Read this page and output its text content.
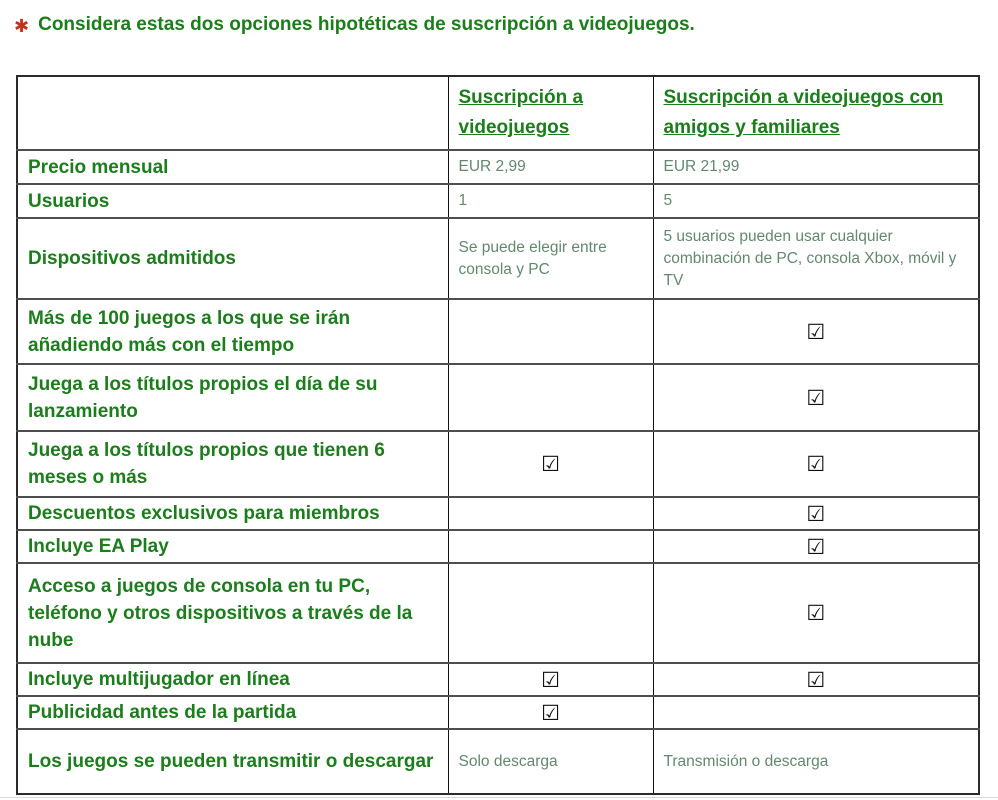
✱ Considera estas dos opciones hipotéticas de suscripción a videojuegos.
	Suscripción a videojuegos	Suscripción a videojuegos con amigos y familiares
Precio mensual	EUR 2,99	EUR 21,99
Usuarios	1	5
Dispositivos admitidos	Se puede elegir entre consola y PC	5 usuarios pueden usar cualquier combinación de PC, consola Xbox, móvil y TV
Más de 100 juegos a los que se irán añadiendo más con el tiempo		☑
Juega a los títulos propios el día de su lanzamiento		☑
Juega a los títulos propios que tienen 6 meses o más	☑	☑
Descuentos exclusivos para miembros		☑
Incluye EA Play		☑
Acceso a juegos de consola en tu PC, teléfono y otros dispositivos a través de la nube		☑
Incluye multijugador en línea	☑	☑
Publicidad antes de la partida	☑	
Los juegos se pueden transmitir o descargar	Solo descarga	Transmisión o descarga
